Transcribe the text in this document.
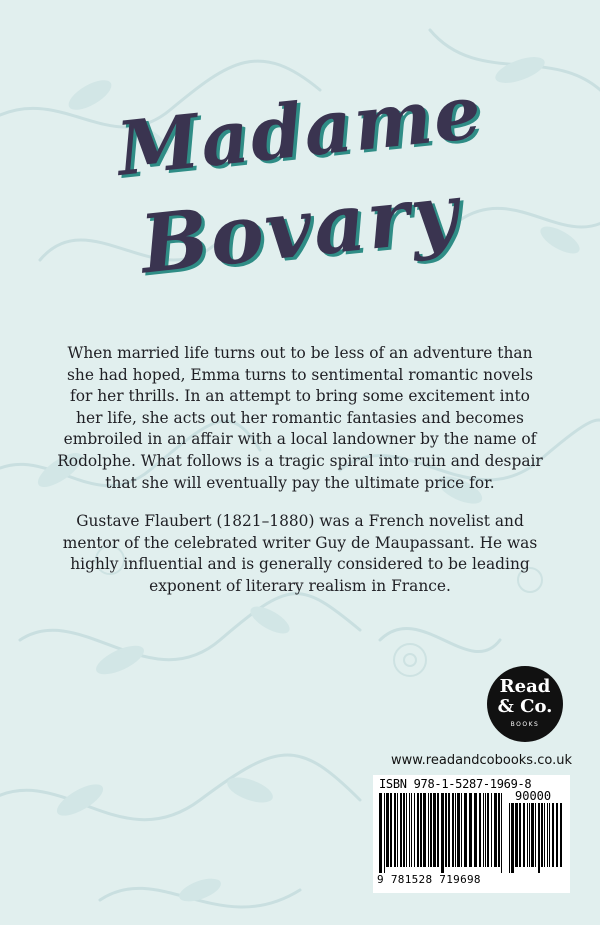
Madame
Bovary

When married life turns out to be less of an adventure than she had hoped, Emma turns to sentimental romantic novels for her thrills. In an attempt to bring some excitement into her life, she acts out her romantic fantasies and becomes embroiled in an affair with a local landowner by the name of Rodolphe. What follows is a tragic spiral into ruin and despair that she will eventually pay the ultimate price for.

Gustave Flaubert (1821–1880) was a French novelist and mentor of the celebrated writer Guy de Maupassant. He was highly influential and is generally considered to be leading exponent of literary realism in France.

Read
& Co.
BOOKS
www.readandcobooks.co.uk
ISBN 978-1-5287-1969-8
90000
9 781528 719698
